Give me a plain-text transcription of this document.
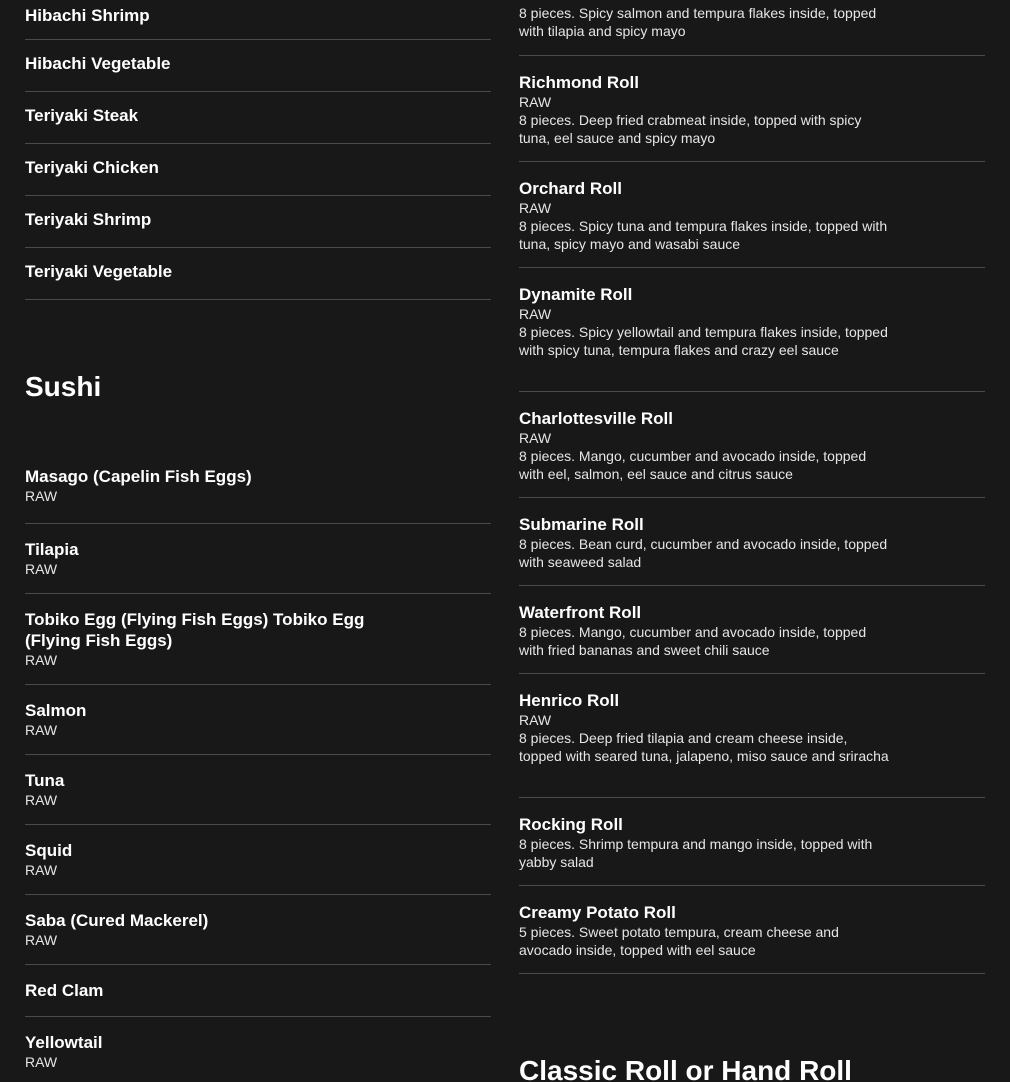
Hibachi Shrimp
Hibachi Vegetable
Teriyaki Steak
Teriyaki Chicken
Teriyaki Shrimp
Teriyaki Vegetable
Sushi
Masago (Capelin Fish Eggs)
RAW
Tilapia
RAW
Tobiko Egg (Flying Fish Eggs) Tobiko Egg (Flying Fish Eggs)
RAW
Salmon
RAW
Tuna
RAW
Squid
RAW
Saba (Cured Mackerel)
RAW
Red Clam
Yellowtail
RAW
8 pieces. Spicy salmon and tempura flakes inside, topped with tilapia and spicy mayo
Richmond Roll
RAW
8 pieces. Deep fried crabmeat inside, topped with spicy tuna, eel sauce and spicy mayo
Orchard Roll
RAW
8 pieces. Spicy tuna and tempura flakes inside, topped with tuna, spicy mayo and wasabi sauce
Dynamite Roll
RAW
8 pieces. Spicy yellowtail and tempura flakes inside, topped with spicy tuna, tempura flakes and crazy eel sauce
Charlottesville Roll
RAW
8 pieces. Mango, cucumber and avocado inside, topped with eel, salmon, eel sauce and citrus sauce
Submarine Roll
8 pieces. Bean curd, cucumber and avocado inside, topped with seaweed salad
Waterfront Roll
8 pieces. Mango, cucumber and avocado inside, topped with fried bananas and sweet chili sauce
Henrico Roll
RAW
8 pieces. Deep fried tilapia and cream cheese inside, topped with seared tuna, jalapeno, miso sauce and sriracha
Rocking Roll
8 pieces. Shrimp tempura and mango inside, topped with yabby salad
Creamy Potato Roll
5 pieces. Sweet potato tempura, cream cheese and avocado inside, topped with eel sauce
Classic Roll or Hand Roll
